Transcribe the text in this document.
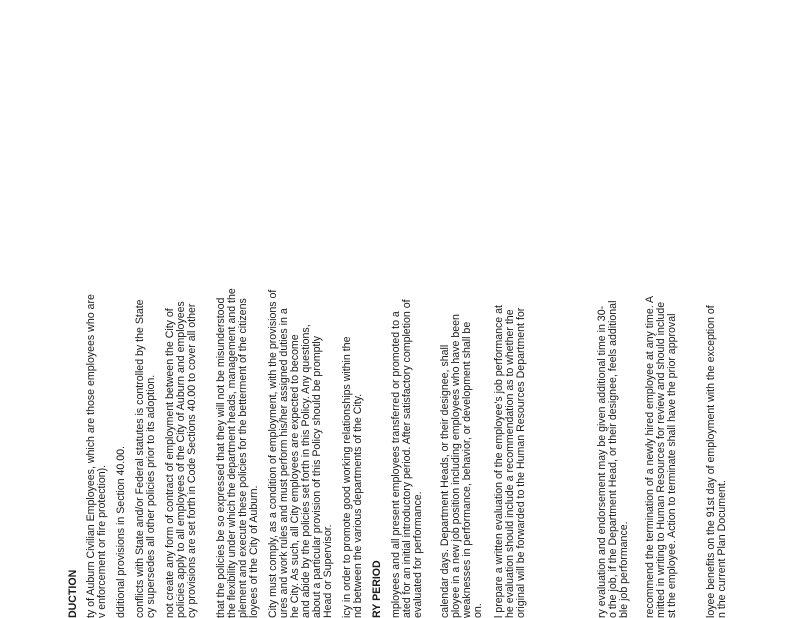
DUCTION ty of Auburn Civilian Employees, which are those employees who are v enforcement or fire protection). dditional provisions in Section 40.00. conflicts with State and/or Federal statutes is controlled by the State cy supersedes all other policies prior to its adoption. not create any form of contract of employment between the City of policies apply to all employees of the City of Auburn and employees cy provisions are set forth in Code Sections 40.00 to cover all other that the policies be so expressed that they will not be misunderstood the flexibility under which the department heads, management and the plement and execute these policies for the betterment of the citizens loyees of the City of Auburn. City must comply, as a condition of employment, with the provisions of ures and work rules and must perform his/her assigned duties in a he City. As such, all City employees are expected to become and abide by the policies set forth in this Policy. Any questions, about a particular provision of this Policy should be promptly Head or Supervisor. icy in order to promote good working relationships within the nd between the various departments of the City. RY PERIOD mployees and all present employees transferred or promoted to a ated for an initial introductory period. After satisfactory completion of evaluated for performance. calendar days. Department Heads, or their designee, shall ployee in a new job position including employees who have been weaknesses in performance, behavior, or development shall be on. l prepare a written evaluation of the employee's job performance at he evaluation should include a recommendation as to whether the original will be forwarded to the Human Resources Department for	ry evaluation and endorsement may be given additional time in 30- o the job, if the Department Head, or their designee, feels additional ble job performance. recommend the termination of a newly hired employee at any time. A mitted in writing to Human Resources for review and should include st the employee. Action to terminate shall have the prior approval	loyee benefits on the 91st day of employment with the exception of n the current Plan Document.
